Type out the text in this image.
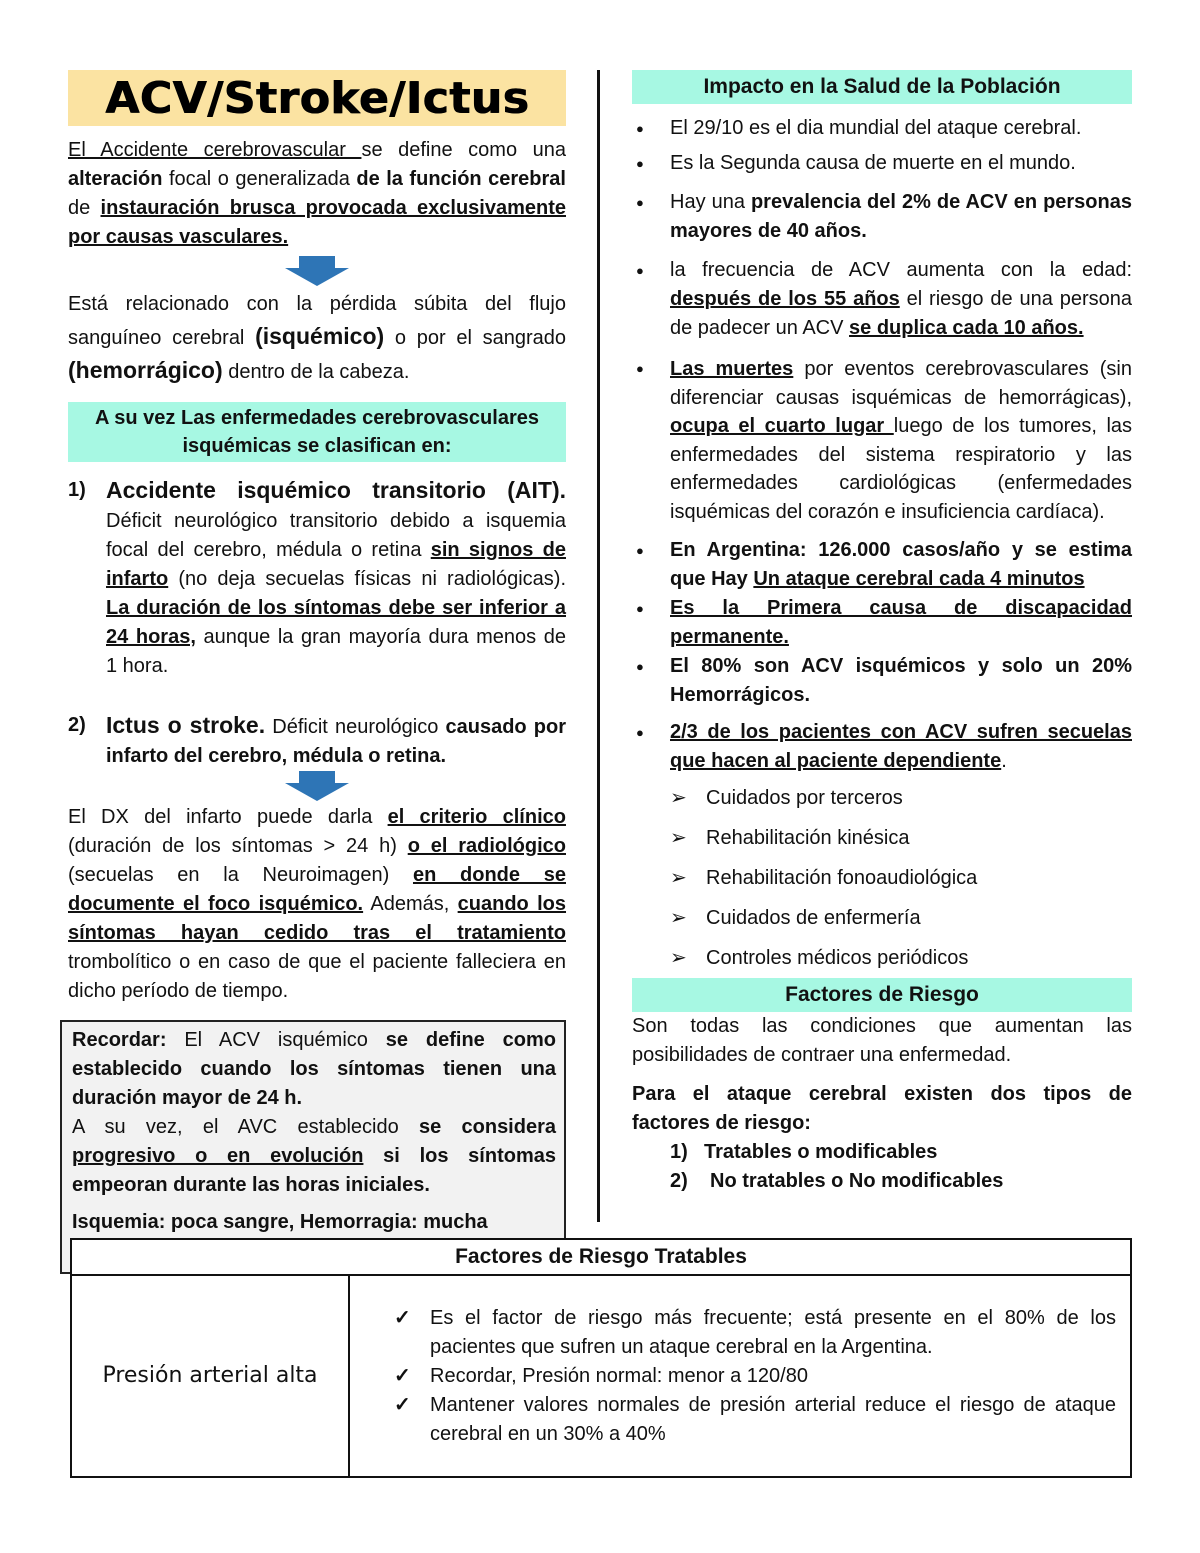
ACV/Stroke/Ictus

El Accidente cerebrovascular se define como una alteración focal o generalizada de la función cerebral de instauración brusca provocada exclusivamente por causas vasculares.

Está relacionado con la pérdida súbita del flujo sanguíneo cerebral (isquémico) o por el sangrado (hemorrágico) dentro de la cabeza.

A su vez Las enfermedades cerebrovasculares isquémicas se clasifican en:
1) Accidente isquémico transitorio (AIT). Déficit neurológico transitorio debido a isquemia focal del cerebro, médula o retina sin signos de infarto (no deja secuelas físicas ni radiológicas). La duración de los síntomas debe ser inferior a 24 horas, aunque la gran mayoría dura menos de 1 hora.
2) Ictus o stroke. Déficit neurológico causado por infarto del cerebro, médula o retina.

El DX del infarto puede darla el criterio clínico (duración de los síntomas > 24 h) o el radiológico (secuelas en la Neuroimagen) en donde se documente el foco isquémico. Además, cuando los síntomas hayan cedido tras el tratamiento trombolítico o en caso de que el paciente falleciera en dicho período de tiempo.

Recordar: El ACV isquémico se define como establecido cuando los síntomas tienen una duración mayor de 24 h.
A su vez, el AVC establecido se considera progresivo o en evolución si los síntomas empeoran durante las horas iniciales.
Isquemia: poca sangre, Hemorragia: mucha
Impacto en la Salud de la Población
● El 29/10 es el dia mundial del ataque cerebral.
● Es la Segunda causa de muerte en el mundo.
● Hay una prevalencia del 2% de ACV en personas mayores de 40 años.
● la frecuencia de ACV aumenta con la edad: después de los 55 años el riesgo de una persona de padecer un ACV se duplica cada 10 años.
● Las muertes por eventos cerebrovasculares (sin diferenciar causas isquémicas de hemorrágicas), ocupa el cuarto lugar luego de los tumores, las enfermedades del sistema respiratorio y las enfermedades cardiológicas (enfermedades isquémicas del corazón e insuficiencia cardíaca).
● En Argentina: 126.000 casos/año y se estima que Hay Un ataque cerebral cada 4 minutos
● Es la Primera causa de discapacidad permanente.
● El 80% son ACV isquémicos y solo un 20% Hemorrágicos.
● 2/3 de los pacientes con ACV sufren secuelas que hacen al paciente dependiente.
➢ Cuidados por terceros
➢ Rehabilitación kinésica
➢ Rehabilitación fonoaudiológica
➢ Cuidados de enfermería
➢ Controles médicos periódicos
Factores de Riesgo

Son todas las condiciones que aumentan las posibilidades de contraer una enfermedad.

Para el ataque cerebral existen dos tipos de factores de riesgo:

1) Tratables o modificables
2) No tratables o No modificables
Factores de Riesgo Tratables
Presión arterial alta	
✓ Es el factor de riesgo más frecuente; está presente en el 80% de los pacientes que sufren un ataque cerebral en la Argentina.
✓ Recordar, Presión normal: menor a 120/80
✓ Mantener valores normales de presión arterial reduce el riesgo de ataque cerebral en un 30% a 40%
